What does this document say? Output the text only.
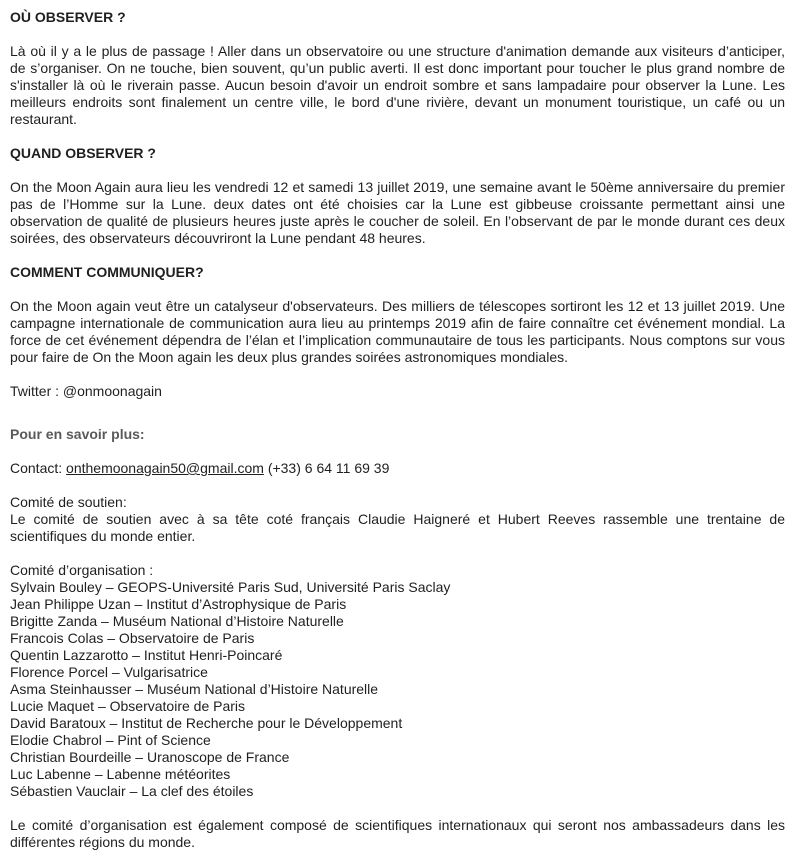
OÙ OBSERVER ?

Là où il y a le plus de passage ! Aller dans un observatoire ou une structure d'animation demande aux visiteurs d’anticiper, de s’organiser. On ne touche, bien souvent, qu’un public averti. Il est donc important pour toucher le plus grand nombre de s'installer là où le riverain passe. Aucun besoin d'avoir un endroit sombre et sans lampadaire pour observer la Lune. Les meilleurs endroits sont finalement un centre ville, le bord d'une rivière, devant un monument touristique, un café ou un restaurant.

QUAND OBSERVER ?

On the Moon Again aura lieu les vendredi 12 et samedi 13 juillet 2019, une semaine avant le 50ème anniversaire du premier pas de l’Homme sur la Lune. deux dates ont été choisies car la Lune est gibbeuse croissante permettant ainsi une observation de qualité de plusieurs heures juste après le coucher de soleil. En l’observant de par le monde durant ces deux soirées, des observateurs découvriront la Lune pendant 48 heures.

COMMENT COMMUNIQUER?

On the Moon again veut être un catalyseur d'observateurs. Des milliers de télescopes sortiront les 12 et 13 juillet 2019. Une campagne internationale de communication aura lieu au printemps 2019 afin de faire connaître cet événement mondial. La force de cet événement dépendra de l’élan et l’implication communautaire de tous les participants. Nous comptons sur vous pour faire de On the Moon again les deux plus grandes soirées astronomiques mondiales.

Twitter : @onmoonagain

Pour en savoir plus:

Contact: onthemoonagain50@gmail.com (+33) 6 64 11 69 39

Comité de soutien:

Le comité de soutien avec à sa tête coté français Claudie Haigneré et Hubert Reeves rassemble une trentaine de scientifiques du monde entier.

Comité d’organisation :

Sylvain Bouley – GEOPS-Université Paris Sud, Université Paris Saclay
Jean Philippe Uzan – Institut d’Astrophysique de Paris
Brigitte Zanda – Muséum National d’Histoire Naturelle
Francois Colas – Observatoire de Paris
Quentin Lazzarotto – Institut Henri-Poincaré
Florence Porcel – Vulgarisatrice
Asma Steinhausser – Muséum National d’Histoire Naturelle
Lucie Maquet – Observatoire de Paris
David Baratoux – Institut de Recherche pour le Développement
Elodie Chabrol – Pint of Science
Christian Bourdeille – Uranoscope de France
Luc Labenne – Labenne météorites
Sébastien Vauclair – La clef des étoiles

Le comité d’organisation est également composé de scientifiques internationaux qui seront nos ambassadeurs dans les différentes régions du monde.
